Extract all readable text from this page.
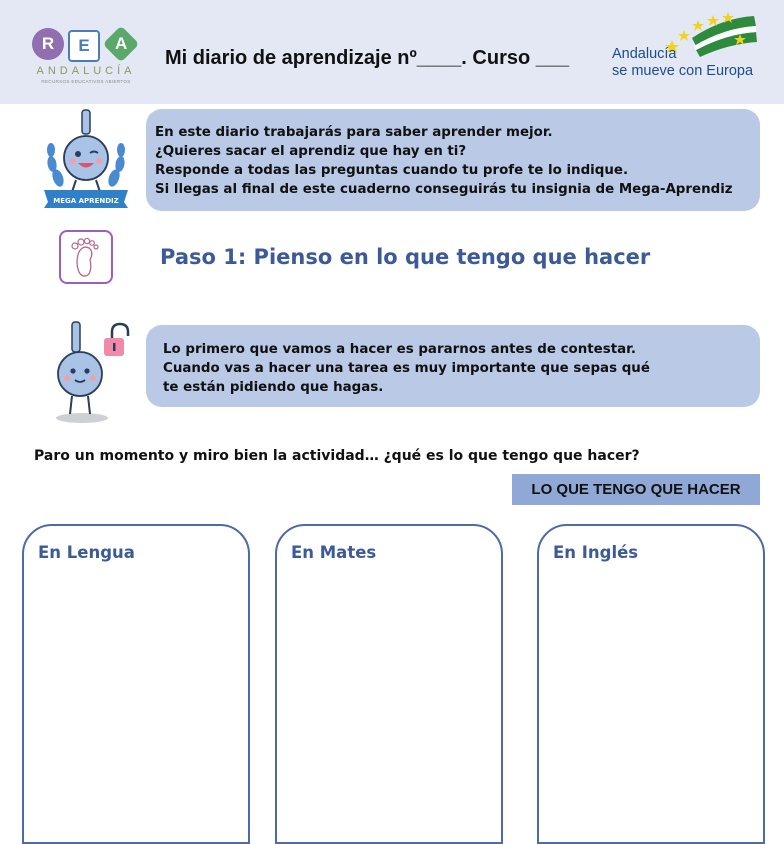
R	E	A
ANDALUCÍA
RECURSOS EDUCATIVOS ABIERTOS
Mi diario de aprendizaje nº____. Curso ___	Andalucía
se mueve con Europa
MEGA APRENDIZ
En este diario trabajarás para saber aprender mejor.
¿Quieres sacar el aprendiz que hay en ti?
Responde a todas las preguntas cuando tu profe te lo indique.
Si llegas al final de este cuaderno conseguirás tu insignia de Mega-Aprendiz
Paso 1: Pienso en lo que tengo que hacer
Lo primero que vamos a hacer es pararnos antes de contestar.
Cuando vas a hacer una tarea es muy importante que sepas qué
te están pidiendo que hagas.
Paro un momento y miro bien la actividad… ¿qué es lo que tengo que hacer?
LO QUE TENGO QUE HACER
En Lengua	En Mates	En Inglés
